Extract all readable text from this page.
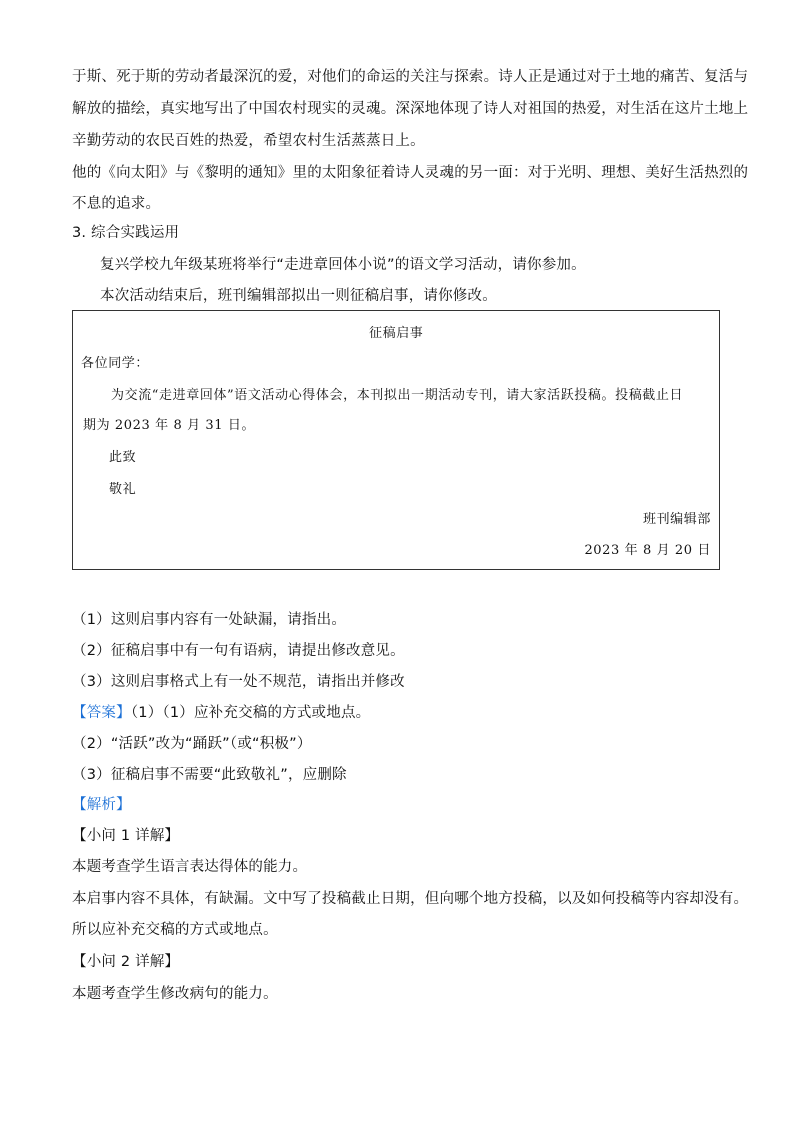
于斯、死于斯的劳动者最深沉的爱，对他们的命运的关注与探索。诗人正是通过对于土地的痛苦、复活与
解放的描绘，真实地写出了中国农村现实的灵魂。深深地体现了诗人对祖国的热爱，对生活在这片土地上
辛勤劳动的农民百姓的热爱，希望农村生活蒸蒸日上。
他的《向太阳》与《黎明的通知》里的太阳象征着诗人灵魂的另一面：对于光明、理想、美好生活热烈的
不息的追求。
3. 综合实践运用
复兴学校九年级某班将举行“走进章回体小说”的语文学习活动，请你参加。
本次活动结束后，班刊编辑部拟出一则征稿启事，请你修改。
征稿启事
各位同学：
为交流“走进章回体”语文活动心得体会，本刊拟出一期活动专刊，请大家活跃投稿。投稿截止日
期为 2023 年 8 月 31 日。
此致
敬礼
班刊编辑部
2023 年 8 月 20 日
（1）这则启事内容有一处缺漏，请指出。
（2）征稿启事中有一句有语病，请提出修改意见。
（3）这则启事格式上有一处不规范，请指出并修改
【答案】（1）（1）应补充交稿的方式或地点。
（2）“活跃”改为“踊跃”（或“积极”）
（3）征稿启事不需要“此致敬礼”，应删除
【解析】
【小问 1 详解】
本题考查学生语言表达得体的能力。
本启事内容不具体，有缺漏。文中写了投稿截止日期，但向哪个地方投稿，以及如何投稿等内容却没有。
所以应补充交稿的方式或地点。
【小问 2 详解】
本题考查学生修改病句的能力。
